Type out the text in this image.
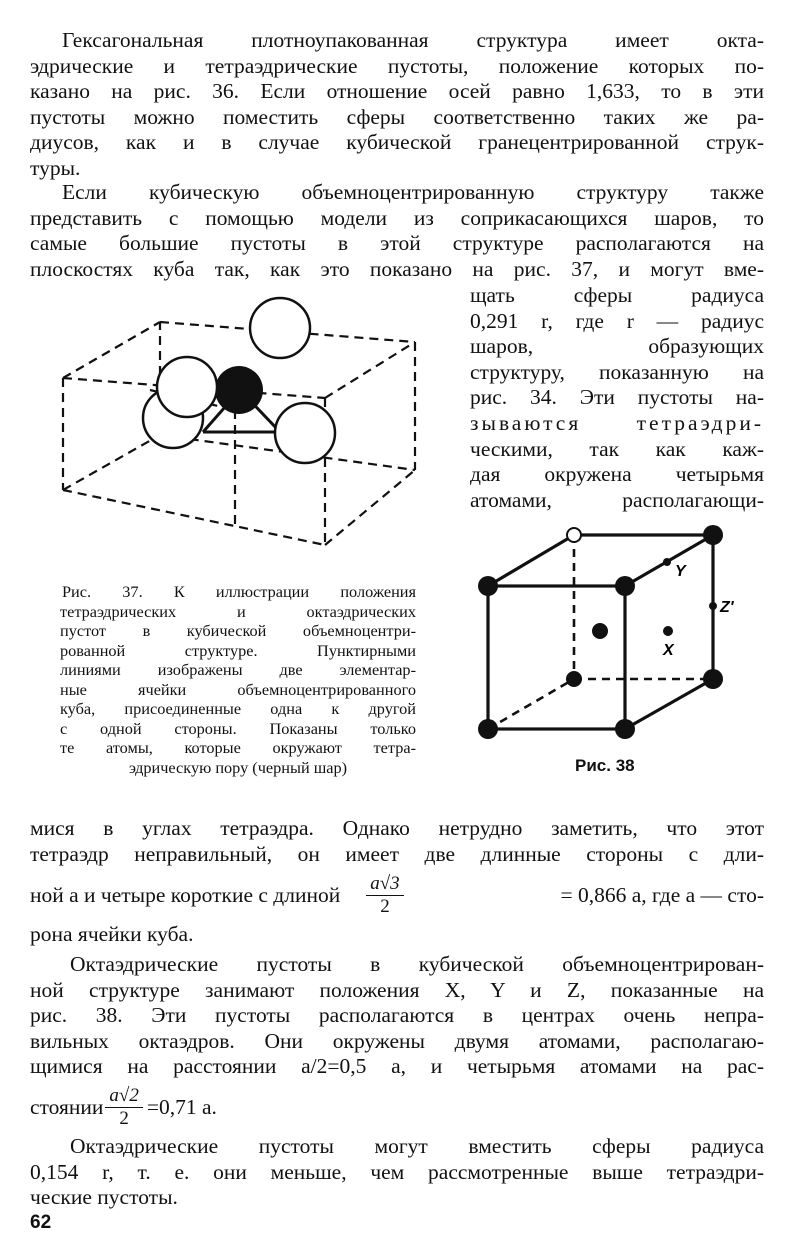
Гексагональная плотноупакованная структура имеет окта-
эдрические и тетраэдрические пустоты, положение которых по-
казано на рис. 36. Если отношение осей равно 1,633, то в эти
пустоты можно поместить сферы соответственно таких же ра-
диусов, как и в случае кубической гранецентрированной струк-
туры.
Если кубическую объемноцентрированную структуру также
представить с помощью модели из соприкасающихся шаров, то
самые большие пустоты в этой структуре располагаются на
плоскостях куба так, как это показано на рис. 37, и могут вме-
щать сферы радиуса
0,291 r, где r — радиус
шаров, образующих
структуру, показанную на
рис. 34. Эти пустоты на-
зываются тетраэдри-
ческими, так как каж-
дая окружена четырьмя
атомами, располагающи-
Рис. 37. К иллюстрации положения
тетраэдрических и октаэдрических
пустот в кубической объемноцентри-
рованной структуре. Пунктирными
линиями изображены две элементар-
ные ячейки объемноцентрированного
куба, присоединенные одна к другой
с одной стороны. Показаны только
те атомы, которые окружают тетра-
эдрическую пору (черный шар)
Y
Z'
X
Рис. 38
мися в углах тетраэдра. Однако нетрудно заметить, что этот
тетраэдр неправильный, он имеет две длинные стороны с дли-
ной a и четыре короткие с длиной $\frac{a√3}{2}$	= 0,866 a, где a — сто-
рона ячейки куба.
Октаэдрические пустоты в кубической объемноцентрирован-
ной структуре занимают положения X, Y и Z, показанные на
рис. 38. Эти пустоты располагаются в центрах очень непра-
вильных октаэдров. Они окружены двумя атомами, располагаю-
щимися на расстоянии a/2=0,5 a, и четырьмя атомами на рас-
стоянии $\frac{a√2}{2} =0,71$ a.
Октаэдрические пустоты могут вместить сферы радиуса
0,154 r, т. е. они меньше, чем рассмотренные выше тетраэдри-
ческие пустоты.
62
